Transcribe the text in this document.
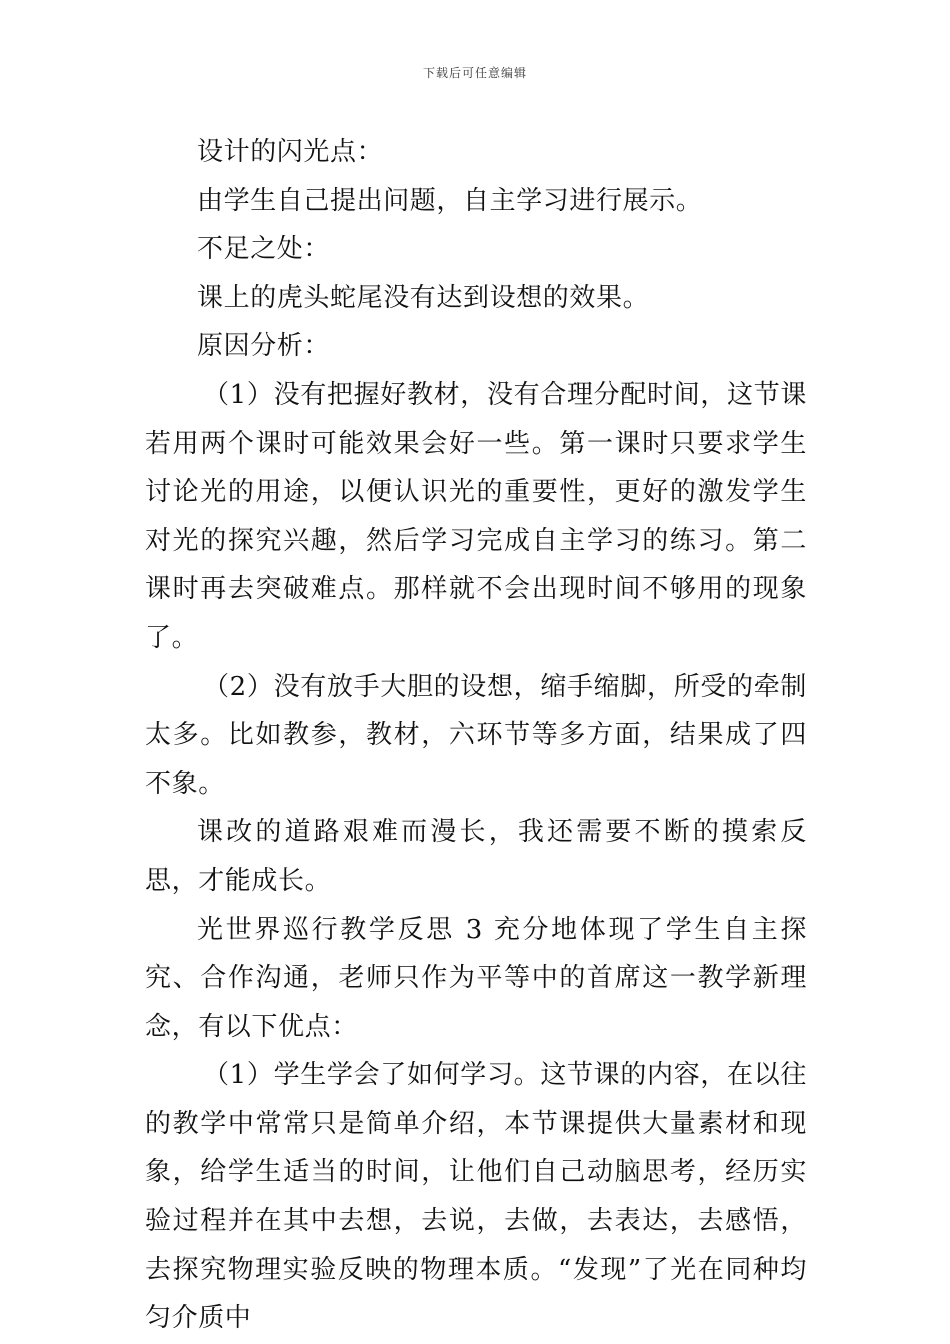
下载后可任意编辑

设计的闪光点：

由学生自己提出问题，自主学习进行展示。

不足之处：

课上的虎头蛇尾没有达到设想的效果。

原因分析：

（1）没有把握好教材，没有合理分配时间，这节课若用两个课时可能效果会好一些。第一课时只要求学生讨论光的用途，以便认识光的重要性，更好的激发学生对光的探究兴趣，然后学习完成自主学习的练习。第二课时再去突破难点。那样就不会出现时间不够用的现象了。

（2）没有放手大胆的设想，缩手缩脚，所受的牵制太多。比如教参，教材，六环节等多方面，结果成了四不象。

课改的道路艰难而漫长，我还需要不断的摸索反思，才能成长。

光世界巡行教学反思 3 充分地体现了学生自主探究、合作沟通，老师只作为平等中的首席这一教学新理念，有以下优点：

（1）学生学会了如何学习。这节课的内容，在以往的教学中常常只是简单介绍，本节课提供大量素材和现象，给学生适当的时间，让他们自己动脑思考，经历实验过程并在其中去想，去说，去做，去表达，去感悟，去探究物理实验反映的物理本质。“发现”了光在同种均匀介质中
